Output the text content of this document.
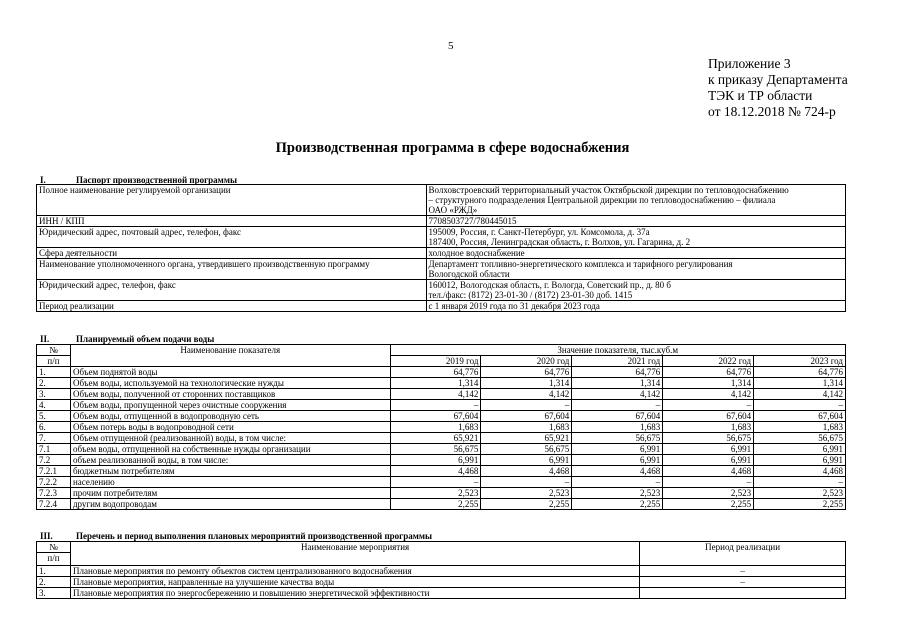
5
Приложение 3
к приказу Департамента
ТЭК и ТР области
от 18.12.2018 № 724-р
Производственная программа в сфере водоснабжения
I.	Паспорт производственной программы
Полное наименование регулируемой организации	Волховстроевский территориальный участок Октябрьской дирекции по тепловодоснабжению
– структурного подразделения Центральной дирекции по тепловодоснабжению – филиала
ОАО «РЖД»

ИНН / КПП	7708503727/780445015

Юридический адрес, почтовый адрес, телефон, факс	195009, Россия, г. Санкт-Петербург, ул. Комсомола, д. 37а
187400, Россия, Ленинградская область, г. Волхов, ул. Гагарина, д. 2

Сфера деятельности	холодное водоснабжение

Наименование уполномоченного органа, утвердившего производственную программу	Департамент топливно-энергетического комплекса и тарифного регулирования
Вологодской области

Юридический адрес, телефон, факс	160012, Вологодская область, г. Вологда, Советский пр., д. 80 б
тел./факс: (8172) 23-01-30 / (8172) 23-01-30 доб. 1415

Период реализации	с 1 января 2019 года по 31 декабря 2023 года
II.	Планируемый объем подачи воды
№	Наименование показателя	Значение показателя, тыс.куб.м				
п/п		2019 год	2020 год	2021 год	2022 год	2023 год
1.	Объем поднятой воды	64,776	64,776	64,776	64,776	64,776
2.	Объем воды, используемой на технологические нужды	1,314	1,314	1,314	1,314	1,314
3.	Объем воды, полученной от сторонних поставщиков	4,142	4,142	4,142	4,142	4,142
4.	Объем воды, пропущенной через очистные сооружения	–	–	–	–	–
5.	Объем воды, отпущенной в водопроводную сеть	67,604	67,604	67,604	67,604	67,604
6.	Объем потерь воды в водопроводной сети	1,683	1,683	1,683	1,683	1,683
7.	Объем отпущенной (реализованной) воды, в том числе:	65,921	65,921	56,675	56,675	56,675
7.1	объем воды, отпущенной на собственные нужды организации	56,675	56,675	6,991	6,991	6,991
7.2	объем реализованной воды, в том числе:	6,991	6,991	6,991	6,991	6,991
7.2.1	бюджетным потребителям	4,468	4,468	4,468	4,468	4,468
7.2.2	населению	–	–	–	–	–
7.2.3	прочим потребителям	2,523	2,523	2,523	2,523	2,523
7.2.4	другим водопроводам	2,255	2,255	2,255	2,255	2,255
III.	Перечень и период выполнения плановых мероприятий производственной программы
№	Наименование мероприятия	Период реализации
п/п		
1.	Плановые мероприятия по ремонту объектов систем централизованного водоснабжения	–
2.	Плановые мероприятия, направленные на улучшение качества воды	–
3.	Плановые мероприятия по энергосбережению и повышению энергетической эффективности	
